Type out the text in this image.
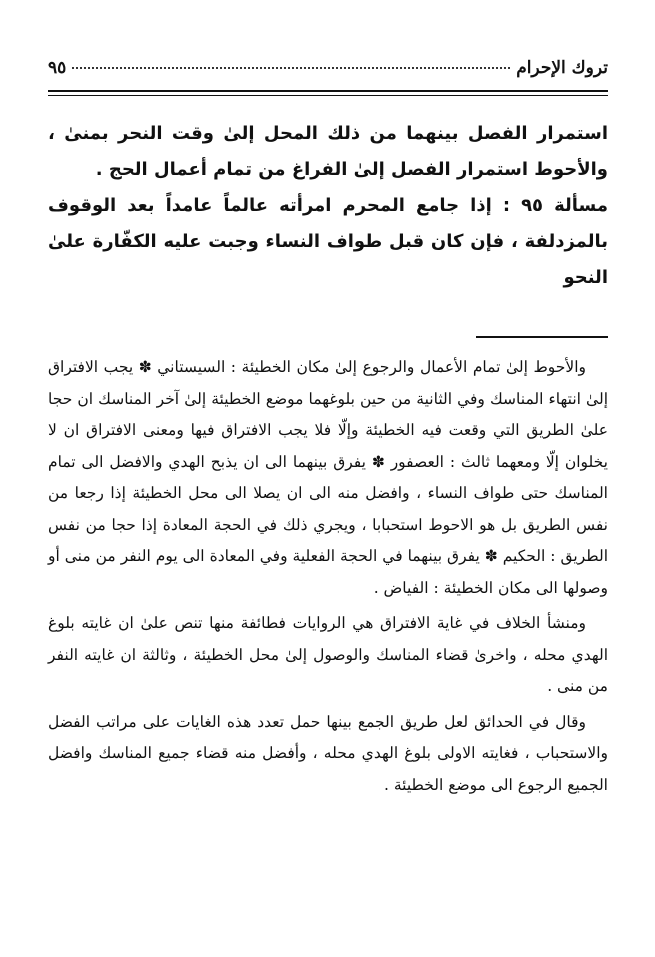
تروك الإحرام
٩٥

استمرار الفصل بينهما من ذلك المحل إلىٰ وقت النحر بمنىٰ ، والأحوط استمرار الفصل إلىٰ الفراغ من تمام أعمال الحج .

مسألة ٩٥ : إذا جامع المحرم امرأته عالماً عامداً بعد الوقوف بالمزدلفة ، فإن كان قبل طواف النساء وجبت عليه الكفّارة علىٰ النحو

والأحوط إلىٰ تمام الأعمال والرجوع إلىٰ مكان الخطيئة : السيستاني ✽ يجب الافتراق إلىٰ انتهاء المناسك وفي الثانية من حين بلوغهما موضع الخطيئة إلىٰ آخر المناسك ان حجا علىٰ الطريق التي وقعت فيه الخطيئة وإلّا فلا يجب الافتراق فيها ومعنى الافتراق ان لا يخلوان إلّا ومعهما ثالث : العصفور ✽ يفرق بينهما الى ان يذبح الهدي والافضل الى تمام المناسك حتى طواف النساء ، وافضل منه الى ان يصلا الى محل الخطيئة إذا رجعا من نفس الطريق بل هو الاحوط استحبابا ، ويجري ذلك في الحجة المعادة إذا حجا من نفس الطريق : الحكيم ✽ يفرق بينهما في الحجة الفعلية وفي المعادة الى يوم النفر من منى أو وصولها الى مكان الخطيئة : الفياض .

ومنشأ الخلاف في غاية الافتراق هي الروايات فطائفة منها تنص علىٰ ان غايته بلوغ الهدي محله ، واخرىٰ قضاء المناسك والوصول إلىٰ محل الخطيئة ، وثالثة ان غايته النفر من منى .

وقال في الحدائق لعل طريق الجمع بينها حمل تعدد هذه الغايات على مراتب الفضل والاستحباب ، فغايته الاولى بلوغ الهدي محله ، وأفضل منه قضاء جميع المناسك وافضل الجميع الرجوع الى موضع الخطيئة .
